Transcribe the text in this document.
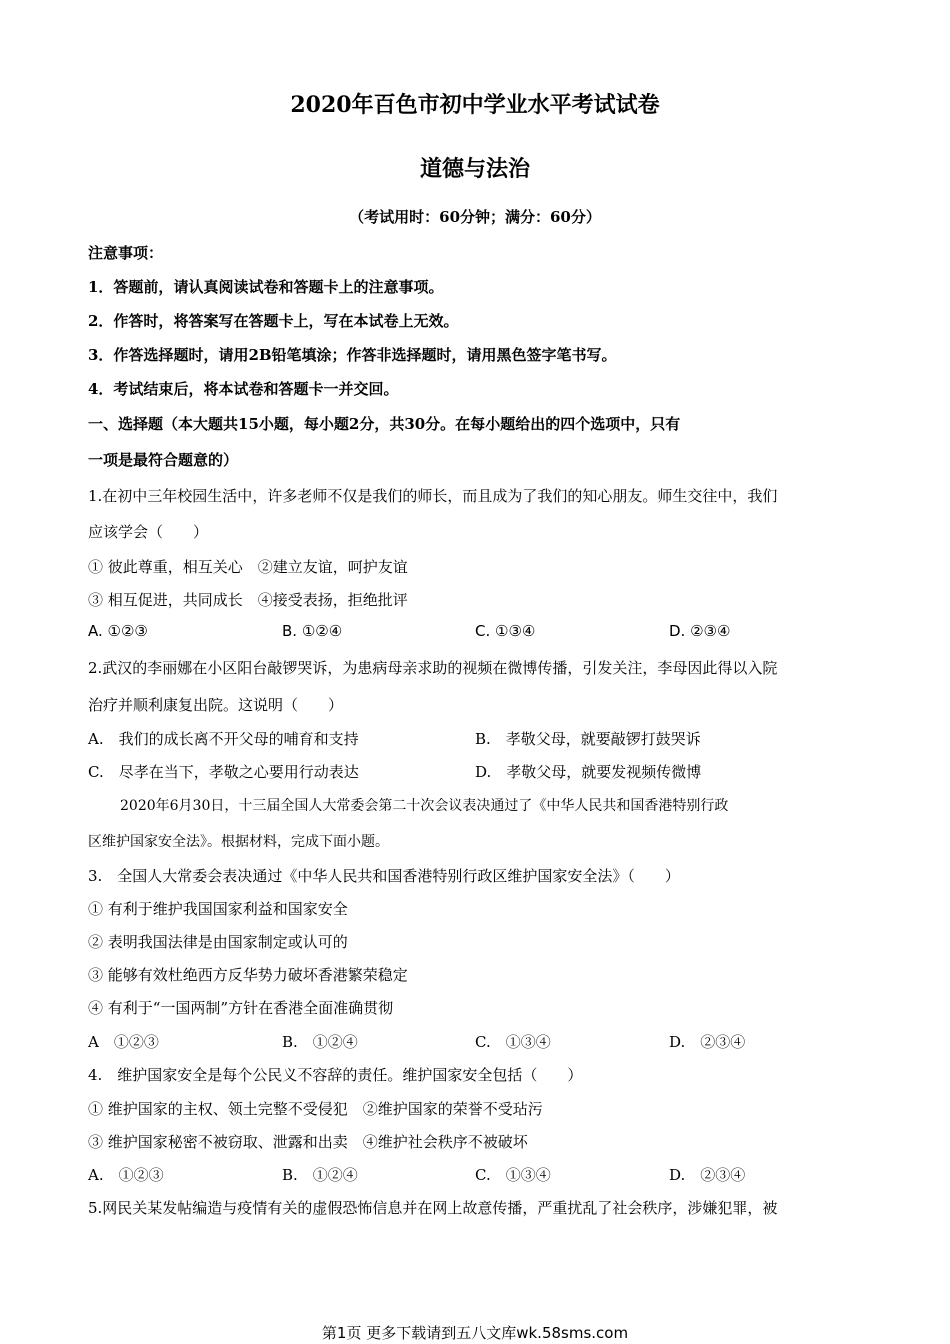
2020年百色市初中学业水平考试试卷
道德与法治
（考试用时：60分钟；满分：60分）
注意事项：
1．答题前，请认真阅读试卷和答题卡上的注意事项。
2．作答时，将答案写在答题卡上，写在本试卷上无效。
3．作答选择题时，请用2B铅笔填涂；作答非选择题时，请用黑色签字笔书写。
4．考试结束后，将本试卷和答题卡一并交回。
一、选择题（本大题共15小题，每小题2分，共30分。在每小题给出的四个选项中，只有
一项是最符合题意的）
1.在初中三年校园生活中，许多老师不仅是我们的师长，而且成为了我们的知心朋友。师生交往中，我们
应该学会（　　）
① 彼此尊重，相互关心　②建立友谊，呵护友谊
③ 相互促进，共同成长　④接受表扬，拒绝批评
A. ①②③	B. ①②④	C. ①③④	D. ②③④
2.武汉的李丽娜在小区阳台敲锣哭诉，为患病母亲求助的视频在微博传播，引发关注，李母因此得以入院
治疗并顺利康复出院。这说明（　　）
A.　我们的成长离不开父母的哺育和支持	B.　孝敬父母，就要敲锣打鼓哭诉
C.　尽孝在当下，孝敬之心要用行动表达	D.　孝敬父母，就要发视频传微博
2020年6月30日，十三届全国人大常委会第二十次会议表决通过了《中华人民共和国香港特别行政
区维护国家安全法》。根据材料，完成下面小题。
3.　全国人大常委会表决通过《中华人民共和国香港特别行政区维护国家安全法》（　　）
① 有利于维护我国国家利益和国家安全
② 表明我国法律是由国家制定或认可的
③ 能够有效杜绝西方反华势力破坏香港繁荣稳定
④ 有利于“一国两制”方针在香港全面准确贯彻
A　①②③	B.　①②④	C.　①③④	D.　②③④
4.　维护国家安全是每个公民义不容辞的责任。维护国家安全包括（　　）
① 维护国家的主权、领土完整不受侵犯　②维护国家的荣誉不受玷污
③ 维护国家秘密不被窃取、泄露和出卖　④维护社会秩序不被破坏
A.　①②③	B.　①②④	C.　①③④	D.　②③④
5.网民关某发帖编造与疫情有关的虚假恐怖信息并在网上故意传播，严重扰乱了社会秩序，涉嫌犯罪，被
第1页 更多下载请到五八文库wk.58sms.com
